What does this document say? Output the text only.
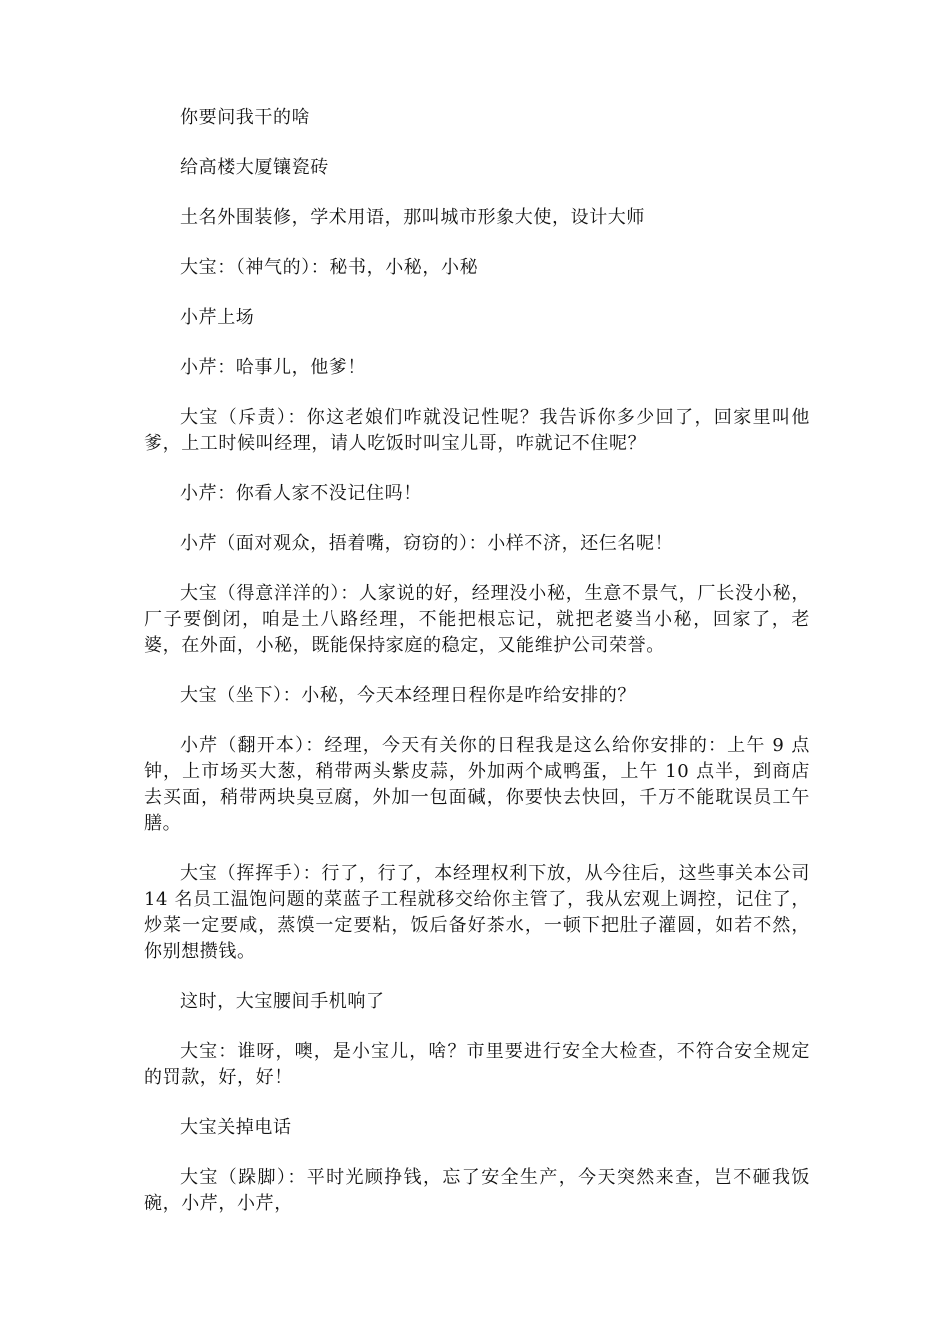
你要问我干的啥

给高楼大厦镶瓷砖

土名外围装修，学术用语，那叫城市形象大使，设计大师

大宝：（神气的）：秘书，小秘，小秘

小芹上场

小芹：哈事儿，他爹！

大宝（斥责）：你这老娘们咋就没记性呢？我告诉你多少回了，回家里叫他爹，上工时候叫经理，请人吃饭时叫宝儿哥，咋就记不住呢？

小芹：你看人家不没记住吗！

小芹（面对观众，捂着嘴，窃窃的）：小样不济，还仨名呢！

大宝（得意洋洋的）：人家说的好，经理没小秘，生意不景气，厂长没小秘，厂子要倒闭，咱是土八路经理，不能把根忘记，就把老婆当小秘，回家了，老婆，在外面，小秘，既能保持家庭的稳定，又能维护公司荣誉。

大宝（坐下）：小秘，今天本经理日程你是咋给安排的？

小芹（翻开本）：经理，今天有关你的日程我是这么给你安排的：上午 9 点钟，上市场买大葱，稍带两头紫皮蒜，外加两个咸鸭蛋，上午 10 点半，到商店去买面，稍带两块臭豆腐，外加一包面碱，你要快去快回，千万不能耽误员工午膳。

大宝（挥挥手）：行了，行了，本经理权利下放，从今往后，这些事关本公司 14 名员工温饱问题的菜蓝子工程就移交给你主管了，我从宏观上调控，记住了，炒菜一定要咸，蒸馍一定要粘，饭后备好茶水，一顿下把肚子灌圆，如若不然，你别想攒钱。

这时，大宝腰间手机响了

大宝：谁呀，噢，是小宝儿，啥？市里要进行安全大检查，不符合安全规定的罚款，好，好！

大宝关掉电话

大宝（跺脚）：平时光顾挣钱，忘了安全生产，今天突然来查，岂不砸我饭碗，小芹，小芹，
